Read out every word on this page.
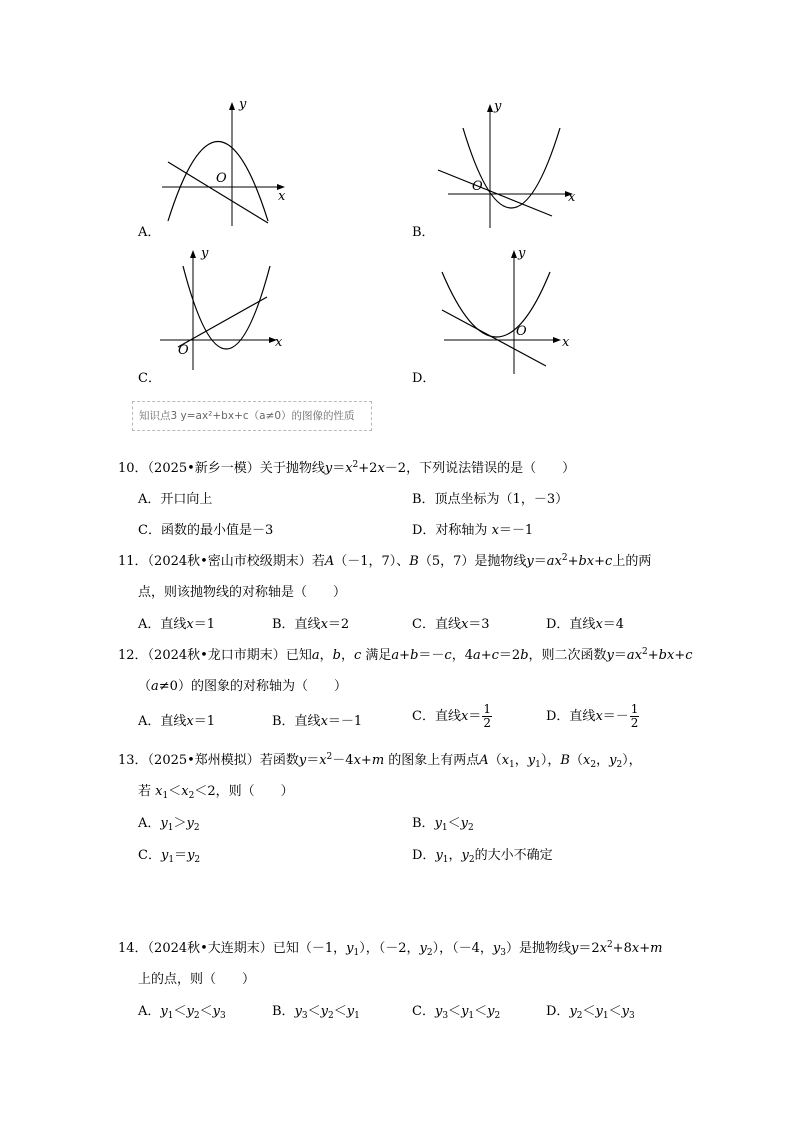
y
x
O
A．
y
x
O
B．
y
x
O
C．
y
x
O
D．
知识点3 y=ax²+bx+c（a≠0）的图像的性质
10．（2025•新乡一模）关于抛物线$y=x^2+2x-2$，下列说法错误的是（　　）
A．开口向上	B．顶点坐标为（1，－3）
C．函数的最小值是－3	D．对称轴为 x＝－1
11．（2024秋•密山市校级期末）若A（－1，7）、B（5，7）是抛物线$y=ax^2+bx+c$上的两
点，则该抛物线的对称轴是（　　）
A．直线x＝1	B．直线x＝2	C．直线x＝3	D．直线x＝4
12．（2024秋•龙口市期末）已知a，b，c 满足a+b＝－c，4a+c＝2b，则二次函数$y=ax^2+bx+c$
（a≠0）的图象的对称轴为（　　）
A．直线x＝1	B．直线x＝－1	C．直线$x= \frac{1}{2}$	D．直线$x=- \frac{1}{2}$
13．（2025•郑州模拟）若函数$y=x^2-4x+m$ 的图象上有两点$A(x_1$，$y_1$），$B(x_2$，$y_2$），
若 $x_1<x_2<2$，则（　　）
A．$y_1>y_2$	B．$y_1<y_2$
C．$y_1=y_2$	D．$y_1$，$y_2$的大小不确定
14．（2024秋•大连期末）已知（－1，$y_1$），（－2，$y_2$），（－4，$y_3$）是抛物线$y=2x^2+8x+m$
上的点，则（　　）
A．$y_1<y_2<y_3$	B．$y_3<y_2<y_1$	C．$y_3<y_1<y_2$	D．$y_2<y_1<y_3$
